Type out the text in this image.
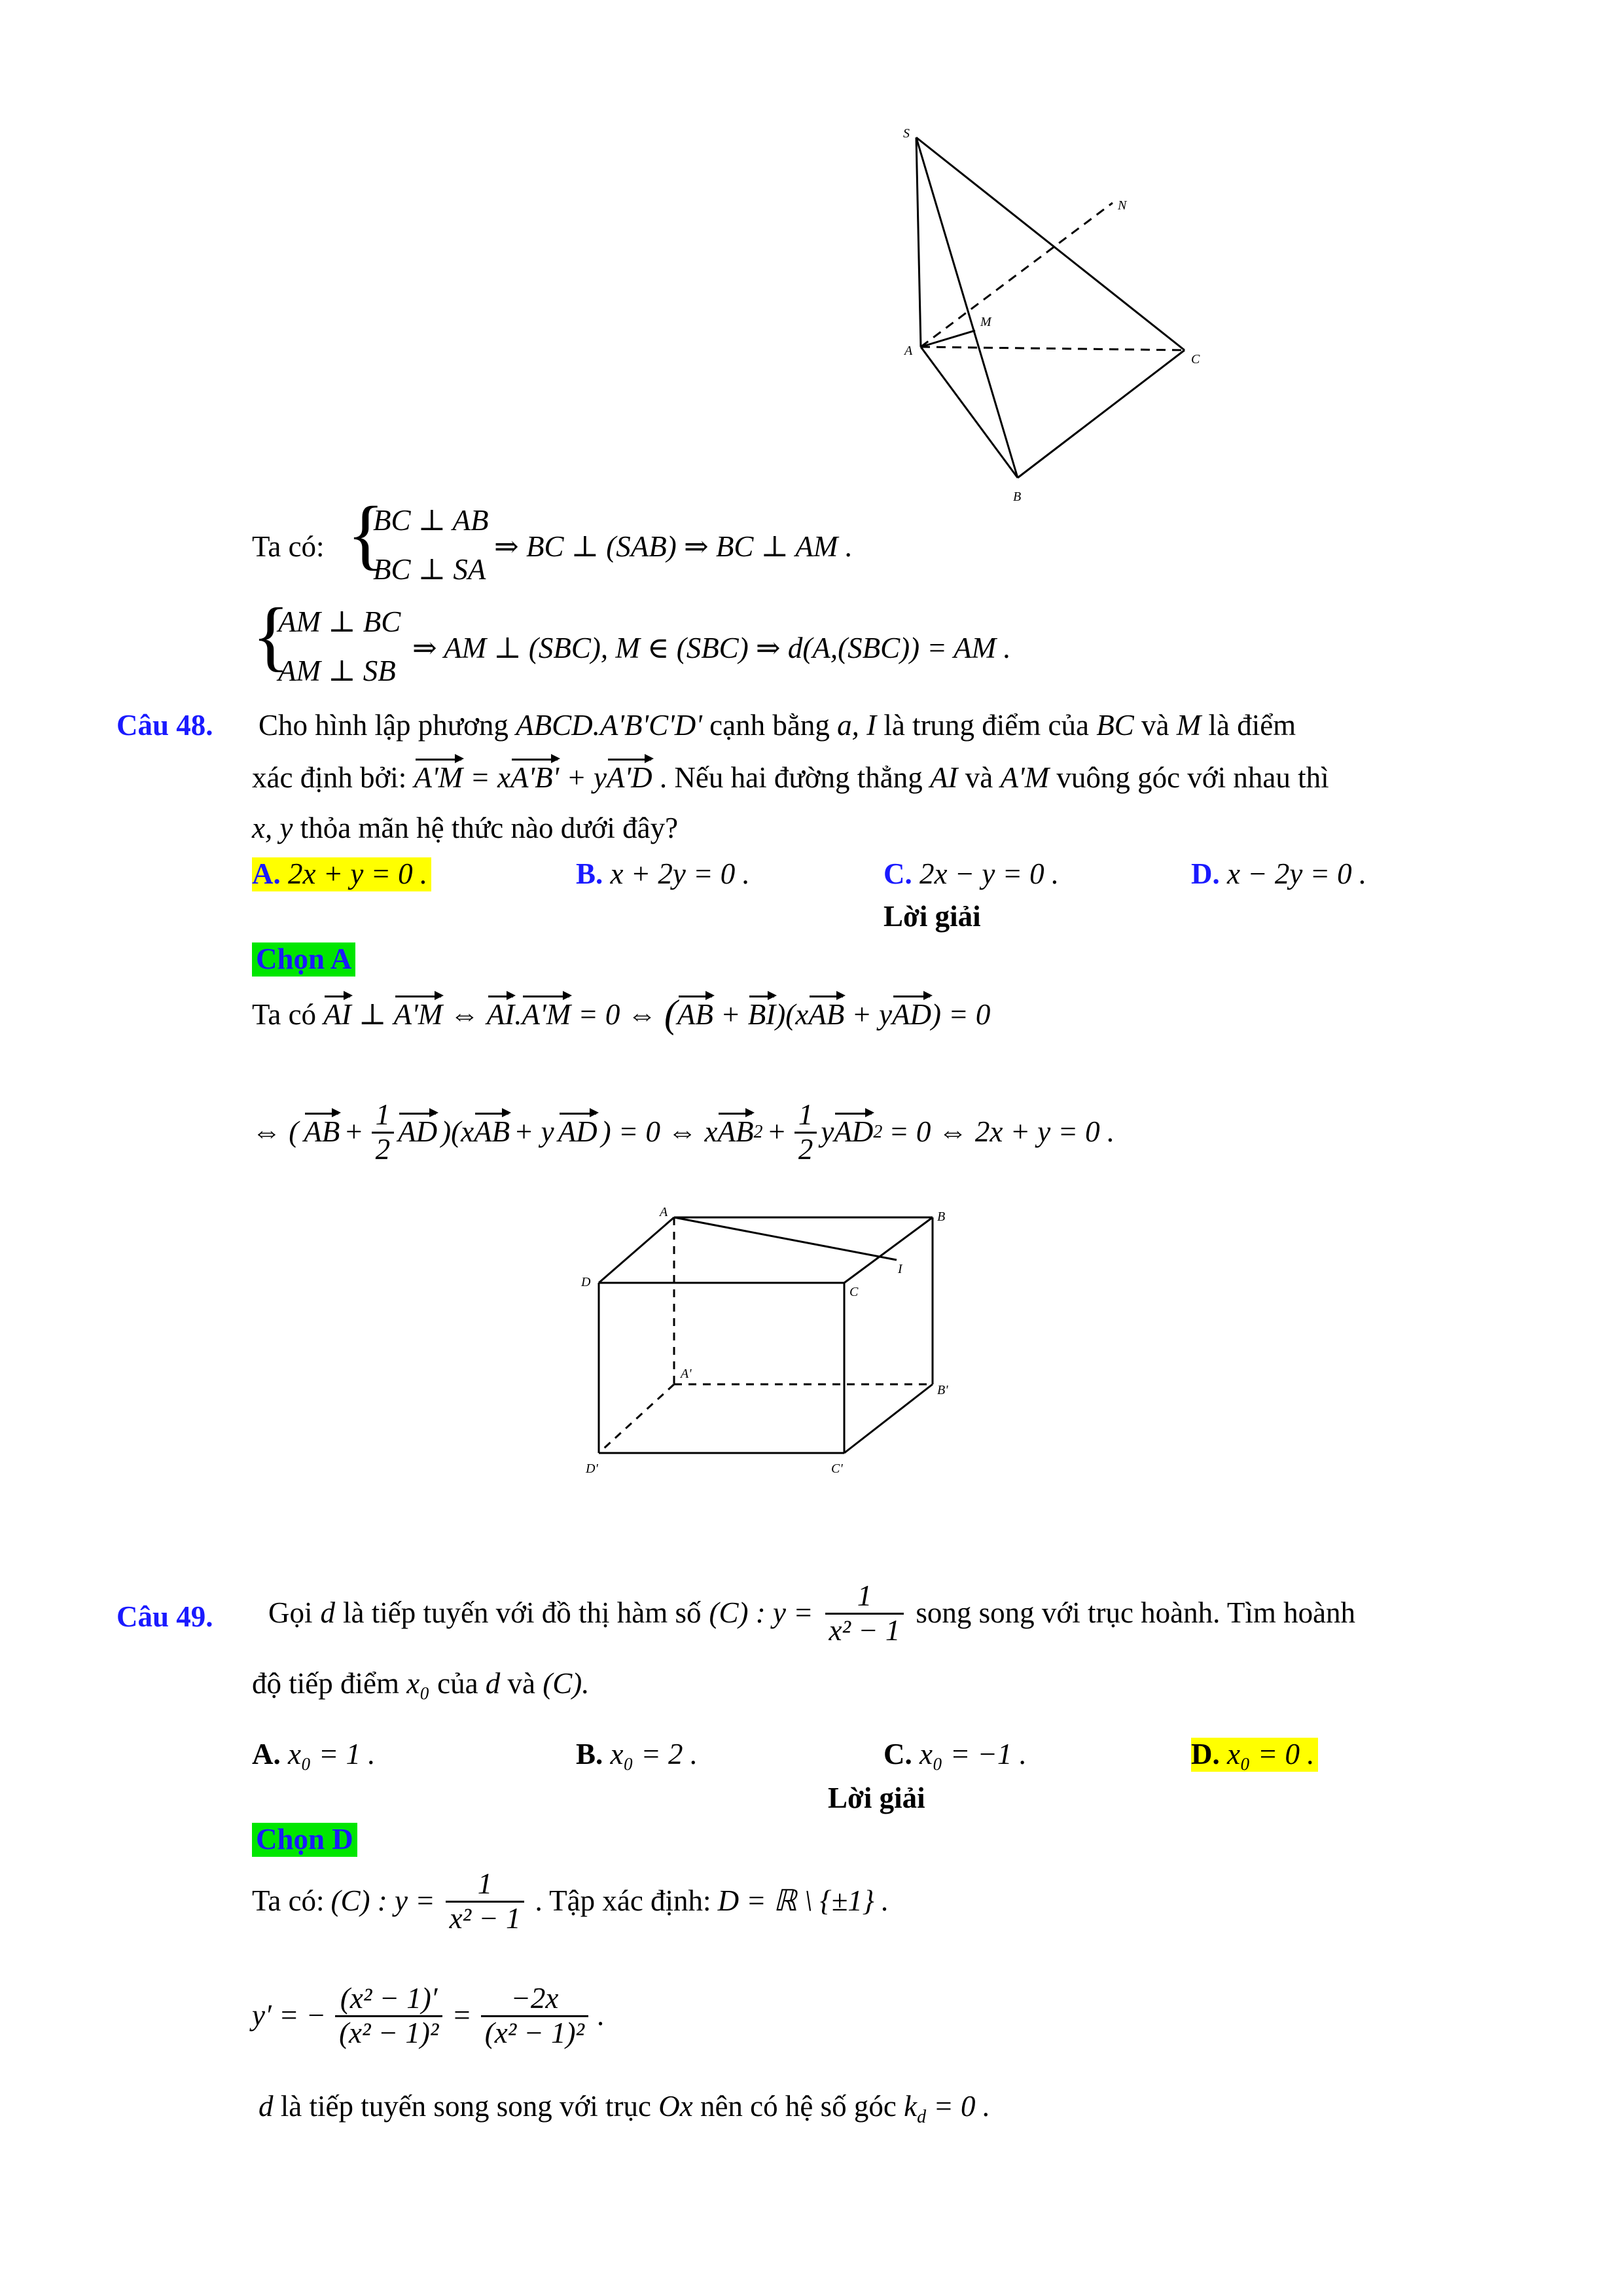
S
N
M
A
C
B
Ta có: {
BC ⊥ AB
BC ⊥ SA
⇒ BC ⊥ (SAB) ⇒ BC ⊥ AM .
{
AM ⊥ BC
AM ⊥ SB
⇒ AM ⊥ (SBC), M ∈ (SBC) ⇒ d(A,(SBC)) = AM .
Câu 48. Cho hình lập phương ABCD.A'B'C'D' cạnh bằng a, I là trung điểm của BC và M là điểm
xác định bởi: A'M = xA'B' + yA'D . Nếu hai đường thẳng AI và A'M vuông góc với nhau thì
x, y thỏa mãn hệ thức nào dưới đây?
A. 2x + y = 0 .	B. x + 2y = 0 .	C. 2x − y = 0 .	D. x − 2y = 0 .
Lời giải
Chọn A
Ta có AI ⊥ A'M ⇔ AI.A'M = 0 ⇔ (AB + BI)(xAB + yAD) = 0
⇔ ( AB + $\frac{1}{2}$ AD )(x AB + y AD ) = 0 ⇔ x AB $2 + \frac{1}{2}$ y AD 2 = 0 ⇔ 2x + y = 0 .
A	B
I
D
C
A'
B'
D'	C'
Câu 49. Gọi d là tiếp tuyến với đồ thị hàm số (C) : $y = \frac{1}{\text{x² − 1}}$ song song với trục hoành. Tìm hoành
độ tiếp điểm x₀ của d và (C).
A. x₀ = 1 .	B. x₀ = 2 .	C. x₀ = −1 .	D. x₀ = 0 .
Lời giải
Chọn D
Ta có: (C) : $y = \frac{1}{\text{x² − 1}}$ . Tập xác định: D = ℝ \ {±1} .
y′ = − $\frac{\text{(x² − 1)′}}{\text{(x² − 1)²}} = \frac{-2x}{\text{(x² − 1)²}}$ .
d là tiếp tuyến song song với trục Ox nên có hệ số góc $k_d = 0$ .
